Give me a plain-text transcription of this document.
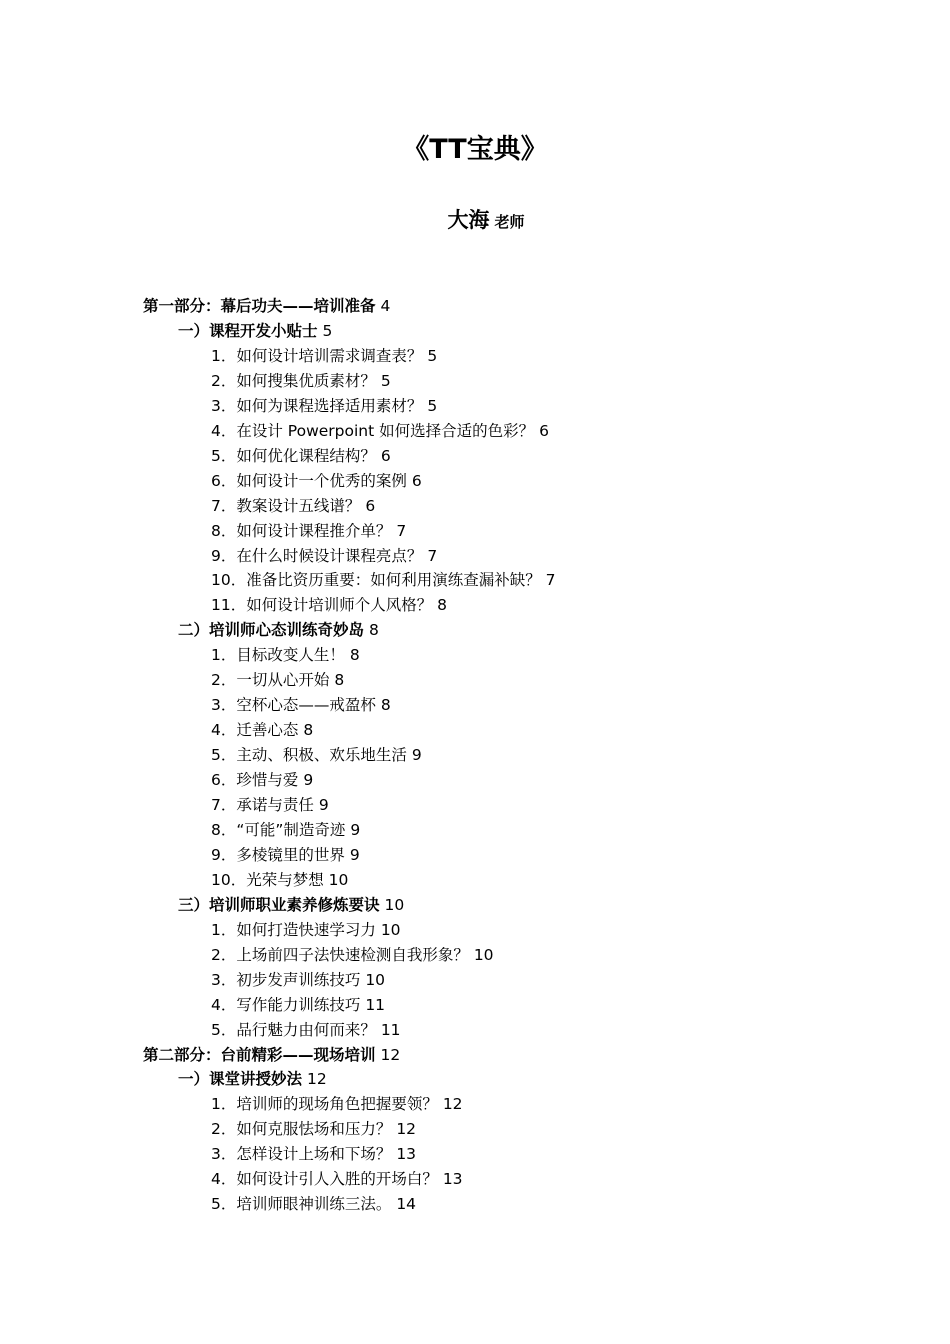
《TT宝典》
大海 老师
第一部分：幕后功夫——培训准备 4
一）课程开发小贴士 5
1．如何设计培训需求调查表？ 5
2．如何搜集优质素材？ 5
3．如何为课程选择适用素材？ 5
4．在设计 Powerpoint 如何选择合适的色彩？ 6
5．如何优化课程结构？ 6
6．如何设计一个优秀的案例 6
7．教案设计五线谱？ 6
8．如何设计课程推介单？ 7
9．在什么时候设计课程亮点？ 7
10．准备比资历重要：如何利用演练查漏补缺？ 7
11．如何设计培训师个人风格？ 8
二）培训师心态训练奇妙岛 8
1．目标改变人生！ 8
2．一切从心开始 8
3．空杯心态——戒盈杯 8
4．迁善心态 8
5．主动、积极、欢乐地生活 9
6．珍惜与爱 9
7．承诺与责任 9
8．“可能”制造奇迹 9
9．多棱镜里的世界 9
10．光荣与梦想 10
三）培训师职业素养修炼要诀 10
1．如何打造快速学习力 10
2．上场前四子法快速检测自我形象？ 10
3．初步发声训练技巧 10
4．写作能力训练技巧 11
5．品行魅力由何而来？ 11
第二部分：台前精彩——现场培训 12
一）课堂讲授妙法 12
1．培训师的现场角色把握要领？ 12
2．如何克服怯场和压力？ 12
3．怎样设计上场和下场？ 13
4．如何设计引人入胜的开场白？ 13
5．培训师眼神训练三法。 14
